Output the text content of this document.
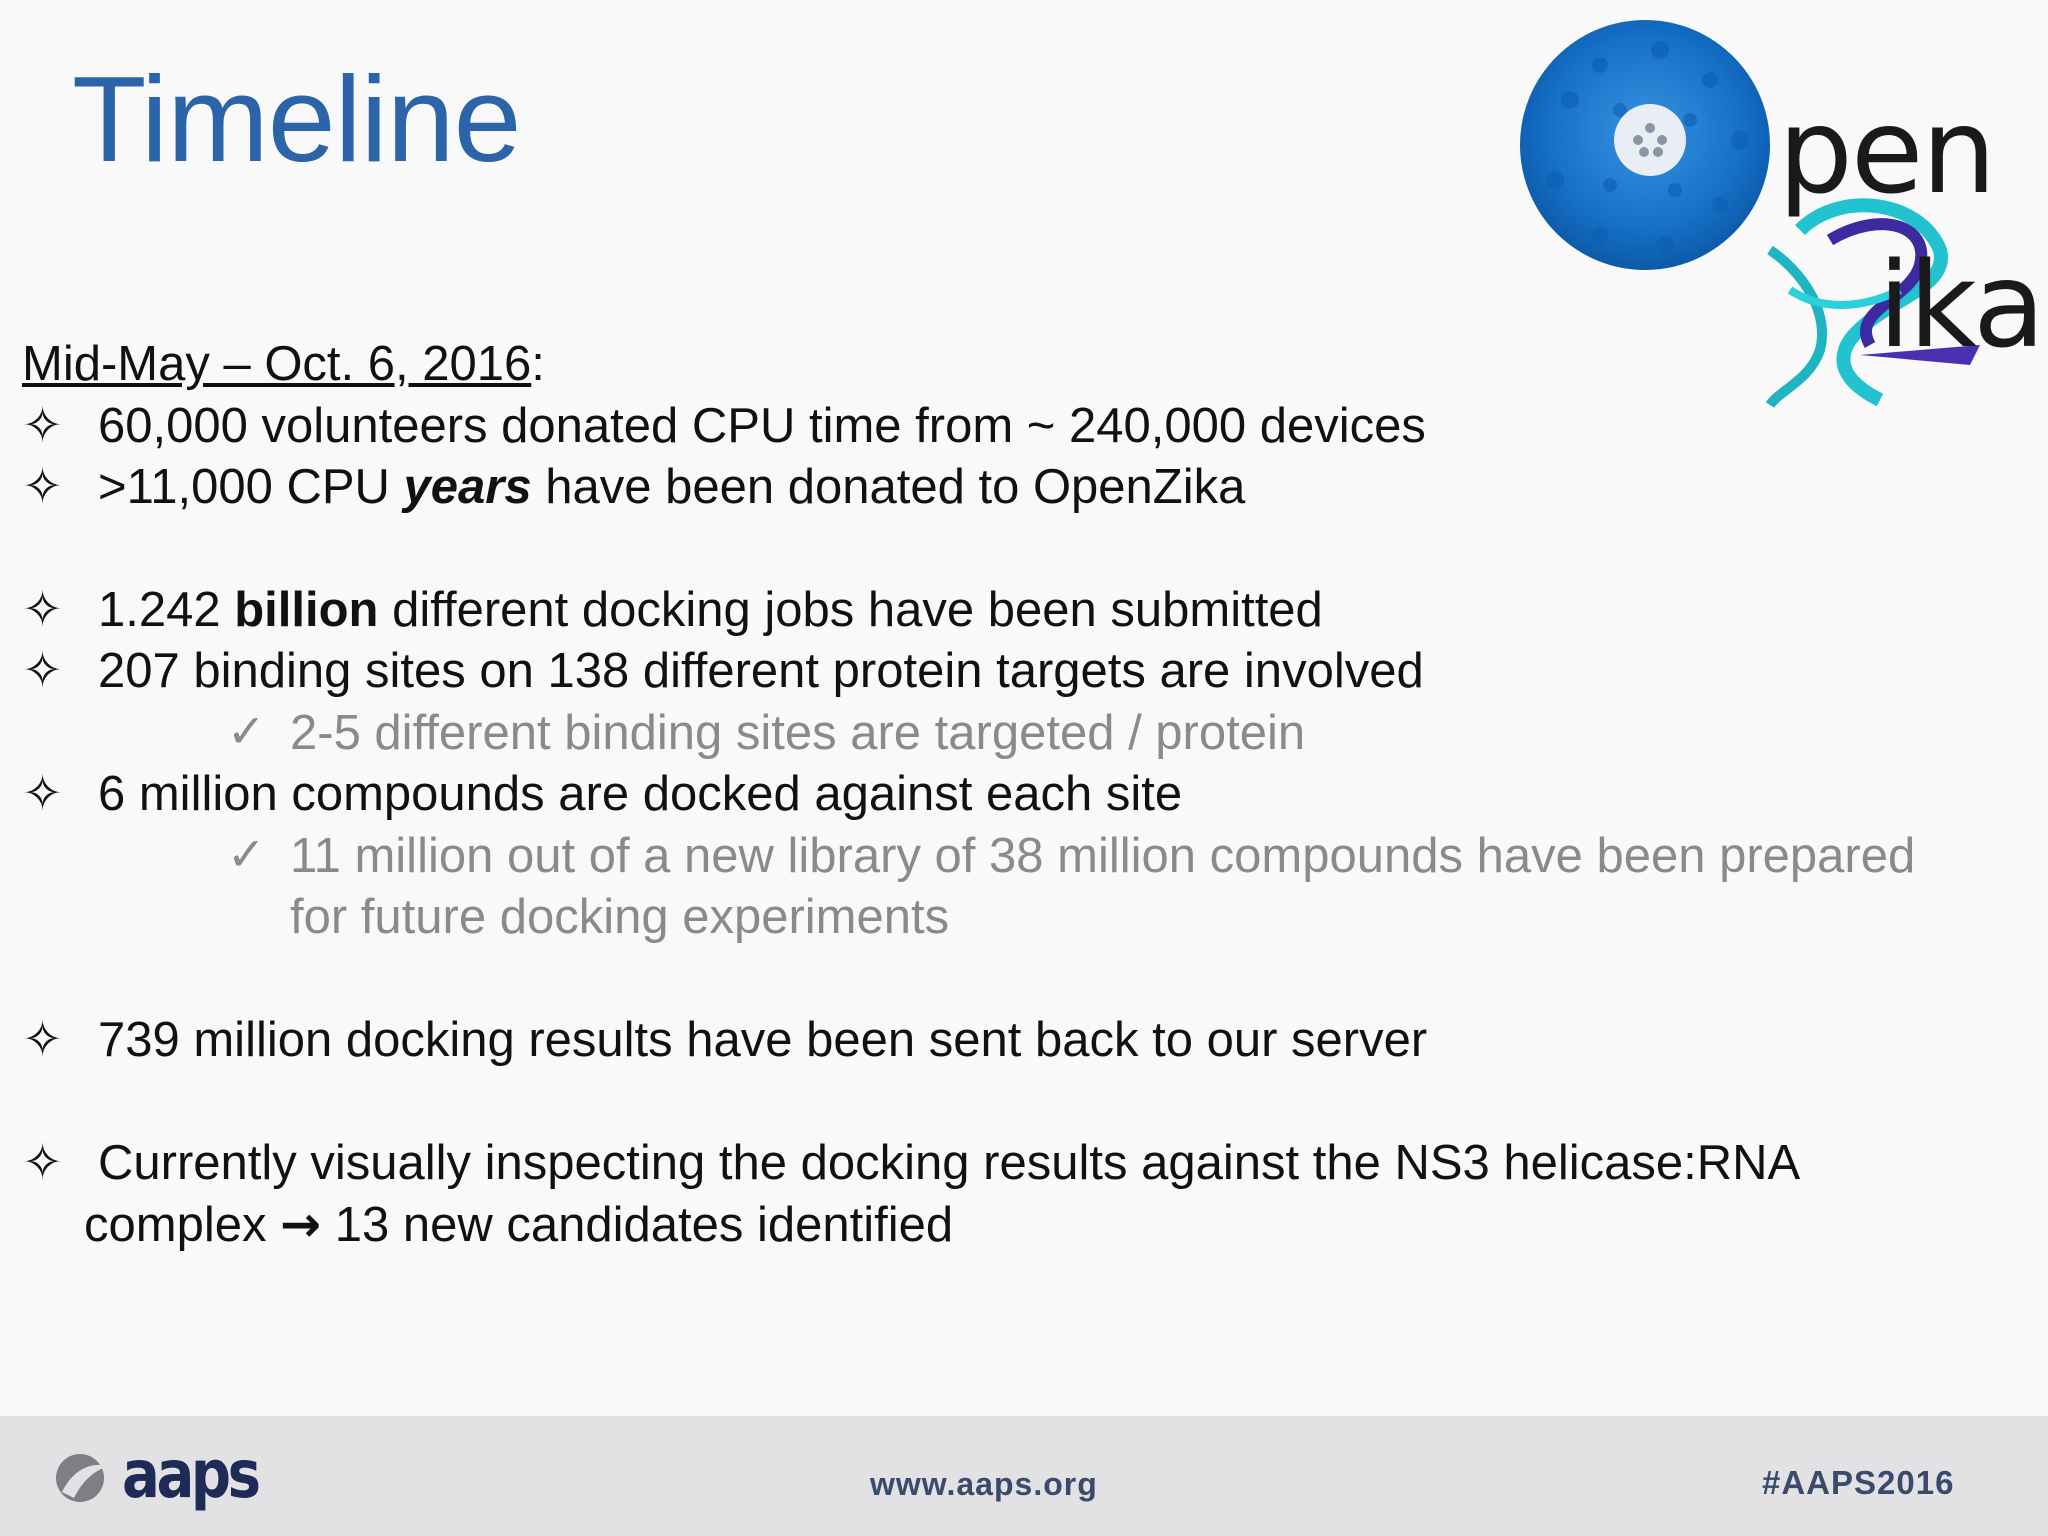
Timeline	pen
ika
Mid-May – Oct. 6, 2016:
✧ 60,000 volunteers donated CPU time from ~ 240,000 devices
✧ >11,000 CPU years have been donated to OpenZika
✧ 1.242 billion different docking jobs have been submitted
✧ 207 binding sites on 138 different protein targets are involved
✓ 2-5 different binding sites are targeted / protein
✧ 6 million compounds are docked against each site
✓ 11 million out of a new library of 38 million compounds have been prepared
for future docking experiments
✧ 739 million docking results have been sent back to our server
✧ Currently visually inspecting the docking results against the NS3 helicase:RNA
complex → 13 new candidates identified
aaps	www.aaps.org	#AAPS2016
